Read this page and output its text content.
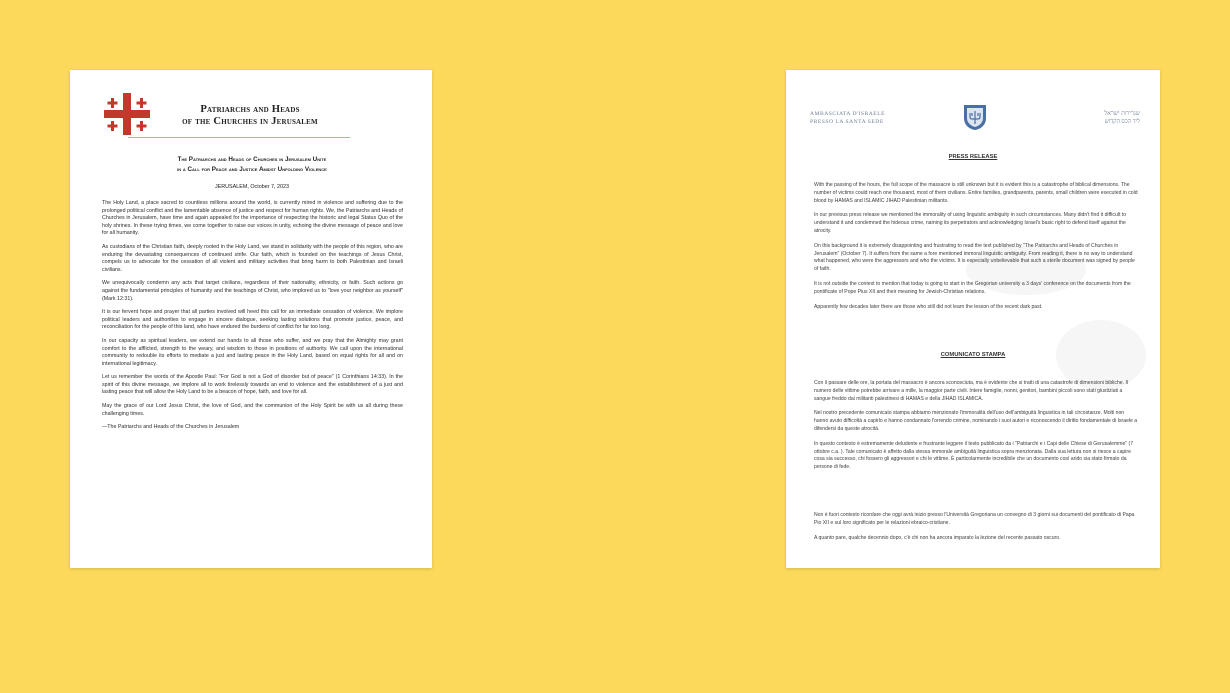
Patriarchs and Heads
of the Churches in Jerusalem
The Patriarchs and Heads of Churches in Jerusalem Unite
in a Call for Peace and Justice Amidst Unfolding Violence
JERUSALEM, October 7, 2023

The Holy Land, a place sacred to countless millions around the world, is currently mired in violence and suffering due to the prolonged political conflict and the lamentable absence of justice and respect for human rights. We, the Patriarchs and Heads of Churches in Jerusalem, have time and again appealed for the importance of respecting the historic and legal Status Quo of the holy shrines. In these trying times, we come together to raise our voices in unity, echoing the divine message of peace and love for all humanity.

As custodians of the Christian faith, deeply rooted in the Holy Land, we stand in solidarity with the people of this region, who are enduring the devastating consequences of continued strife. Our faith, which is founded on the teachings of Jesus Christ, compels us to advocate for the cessation of all violent and military activities that bring harm to both Palestinian and Israeli civilians.

We unequivocally condemn any acts that target civilians, regardless of their nationality, ethnicity, or faith. Such actions go against the fundamental principles of humanity and the teachings of Christ, who implored us to "love your neighbor as yourself" (Mark 12:31).

It is our fervent hope and prayer that all parties involved will heed this call for an immediate cessation of violence. We implore political leaders and authorities to engage in sincere dialogue, seeking lasting solutions that promote justice, peace, and reconciliation for the people of this land, who have endured the burdens of conflict for far too long.

In our capacity as spiritual leaders, we extend our hands to all those who suffer, and we pray that the Almighty may grant comfort to the afflicted, strength to the weary, and wisdom to those in positions of authority. We call upon the international community to redouble its efforts to mediate a just and lasting peace in the Holy Land, based on equal rights for all and on international legitimacy.

Let us remember the words of the Apostle Paul: "For God is not a God of disorder but of peace" (1 Corinthians 14:33). In the spirit of this divine message, we implore all to work tirelessly towards an end to violence and the establishment of a just and lasting peace that will allow the Holy Land to be a beacon of hope, faith, and love for all.

May the grace of our Lord Jesus Christ, the love of God, and the communion of the Holy Spirit be with us all during these challenging times.

—The Patriarchs and Heads of the Churches in Jerusalem

AMBASCIATA D'ISRAELE
PRESSO LA SANTA SEDE
שגרירות ישראל
ליד הכס הקדוש
PRESS RELEASE

With the passing of the hours, the full scope of the massacre is still unknown but it is evident this is a catastrophe of biblical dimensions. The number of victims could reach one thousand, most of them civilians. Entire families, grandparents, parents, small children were executed in cold blood by HAMAS and ISLAMIC JIHAD Palestinian militants.

In our previous press release we mentioned the immorality of using linguistic ambiguity in such circumstances. Many didn't find it difficult to understand it and condemned the hideous crime, naming its perpetrators and acknowledging Israel's basic right to defend itself against the atrocity.

On this background it is extremely disappointing and frustrating to read the text published by "The Patriarchs and Heads of Churches in Jerusalem" (October 7). It suffers from the same a fore mentioned immoral linguistic ambiguity. From reading it, there is no way to understand what happened, who were the aggressors and who the victims. It is especially unbelievable that such a sterile document was signed by people of faith.

It is not outside the context to mention that today is going to start in the Gregorian university a 3 days' conference on the documents from the pontificate of Pope Pius XII and their meaning for Jewish-Christian relations.

Apparently few decades later there are those who still did not learn the lesson of the recent dark past.

COMUNICATO STAMPA

Con il passare delle ore, la portata del massacro è ancora sconosciuta, ma è evidente che si tratti di una catastrofe di dimensioni bibliche. Il numero delle vittime potrebbe arrivare a mille, la maggior parte civili. Intere famiglie, nonni, genitori, bambini piccoli sono stati giustiziati a sangue freddo dai militanti palestinesi di HAMAS e della JIHAD ISLAMICA.

Nel nostro precedente comunicato stampa abbiamo menzionato l'immoralità dell'uso dell'ambiguità linguistica in tali circostanze. Molti non hanno avuto difficoltà a capirlo e hanno condannato l'orrendo crimine, nominando i suoi autori e riconoscendo il diritto fondamentale di Israele a difendersi da queste atrocità.

In questo contesto è estremamente deludente e frustrante leggere il testo pubblicato da i "Patriarchi e i Capi delle Chiese di Gerusalemme" (7 ottobre c.a. ). Tale comunicato è affetto dalla stessa immorale ambiguità linguistica sopra menzionata. Dalla sua lettura non si riesce a capire cosa sia successo, chi fossero gli aggressori e chi le vittime. È particolarmente incredibile che un documento così arido sia stato firmato da persone di fede.

Non è fuori contesto ricordare che oggi avrà inizio presso l'Università Gregoriana un convegno di 3 giorni sui documenti del pontificato di Papa Pio XII e sul loro significato per le relazioni ebraico-cristiane.

A quanto pare, qualche decennio dopo, c'è chi non ha ancora imparato la lezione del recente passato oscuro.
